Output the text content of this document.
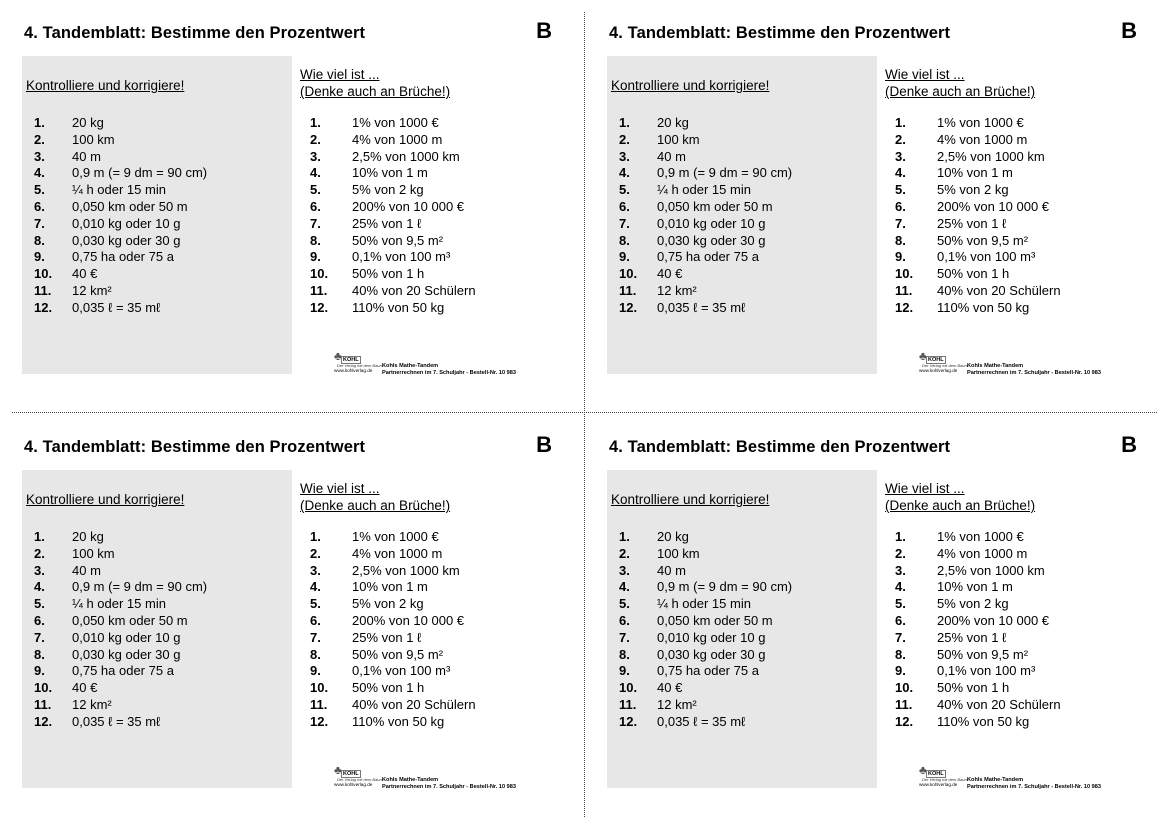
4. Tandemblatt: Bestimme den Prozentwert	B
Kontrolliere und korrigiere!
1.	20 kg
2.	100 km
3.	40 m
4.	0,9 m (= 9 dm = 90 cm)
5.	¼ h oder 15 min
6.	0,050 km oder 50 m
7.	0,010 kg oder 10 g
8.	0,030 kg oder 30 g
9.	0,75 ha oder 75 a
10.	40 €
11.	12 km²
12.	0,035 ℓ = 35 mℓ
Wie viel ist ...
(Denke auch an Brüche!)
1.	1% von 1000 €
2.	4% von 1000 m
3.	2,5% von 1000 km
4.	10% von 1 m
5.	5% von 2 kg
6.	200% von 10 000 €
7.	25% von 1 ℓ
8.	50% von 9,5 m²
9.	0,1% von 100 m³
10.	50% von 1 h
11.	40% von 20 Schülern
12.	110% von 50 kg
♣ KOHL
Der Verlag mit dem Baum
www.kohlverlag.de
Kohls Mathe-Tandem
Partnerrechnen im 7. Schuljahr - Bestell-Nr. 10 983
4. Tandemblatt: Bestimme den Prozentwert	B
Kontrolliere und korrigiere!
1.	20 kg
2.	100 km
3.	40 m
4.	0,9 m (= 9 dm = 90 cm)
5.	¼ h oder 15 min
6.	0,050 km oder 50 m
7.	0,010 kg oder 10 g
8.	0,030 kg oder 30 g
9.	0,75 ha oder 75 a
10.	40 €
11.	12 km²
12.	0,035 ℓ = 35 mℓ
Wie viel ist ...
(Denke auch an Brüche!)
1.	1% von 1000 €
2.	4% von 1000 m
3.	2,5% von 1000 km
4.	10% von 1 m
5.	5% von 2 kg
6.	200% von 10 000 €
7.	25% von 1 ℓ
8.	50% von 9,5 m²
9.	0,1% von 100 m³
10.	50% von 1 h
11.	40% von 20 Schülern
12.	110% von 50 kg
♣ KOHL
Der Verlag mit dem Baum
www.kohlverlag.de
Kohls Mathe-Tandem
Partnerrechnen im 7. Schuljahr - Bestell-Nr. 10 983
4. Tandemblatt: Bestimme den Prozentwert	B
Kontrolliere und korrigiere!
1.	20 kg
2.	100 km
3.	40 m
4.	0,9 m (= 9 dm = 90 cm)
5.	¼ h oder 15 min
6.	0,050 km oder 50 m
7.	0,010 kg oder 10 g
8.	0,030 kg oder 30 g
9.	0,75 ha oder 75 a
10.	40 €
11.	12 km²
12.	0,035 ℓ = 35 mℓ
Wie viel ist ...
(Denke auch an Brüche!)
1.	1% von 1000 €
2.	4% von 1000 m
3.	2,5% von 1000 km
4.	10% von 1 m
5.	5% von 2 kg
6.	200% von 10 000 €
7.	25% von 1 ℓ
8.	50% von 9,5 m²
9.	0,1% von 100 m³
10.	50% von 1 h
11.	40% von 20 Schülern
12.	110% von 50 kg
♣ KOHL
Der Verlag mit dem Baum
www.kohlverlag.de
Kohls Mathe-Tandem
Partnerrechnen im 7. Schuljahr - Bestell-Nr. 10 983
4. Tandemblatt: Bestimme den Prozentwert	B
Kontrolliere und korrigiere!
1.	20 kg
2.	100 km
3.	40 m
4.	0,9 m (= 9 dm = 90 cm)
5.	¼ h oder 15 min
6.	0,050 km oder 50 m
7.	0,010 kg oder 10 g
8.	0,030 kg oder 30 g
9.	0,75 ha oder 75 a
10.	40 €
11.	12 km²
12.	0,035 ℓ = 35 mℓ
Wie viel ist ...
(Denke auch an Brüche!)
1.	1% von 1000 €
2.	4% von 1000 m
3.	2,5% von 1000 km
4.	10% von 1 m
5.	5% von 2 kg
6.	200% von 10 000 €
7.	25% von 1 ℓ
8.	50% von 9,5 m²
9.	0,1% von 100 m³
10.	50% von 1 h
11.	40% von 20 Schülern
12.	110% von 50 kg
♣ KOHL
Der Verlag mit dem Baum
www.kohlverlag.de
Kohls Mathe-Tandem
Partnerrechnen im 7. Schuljahr - Bestell-Nr. 10 983
